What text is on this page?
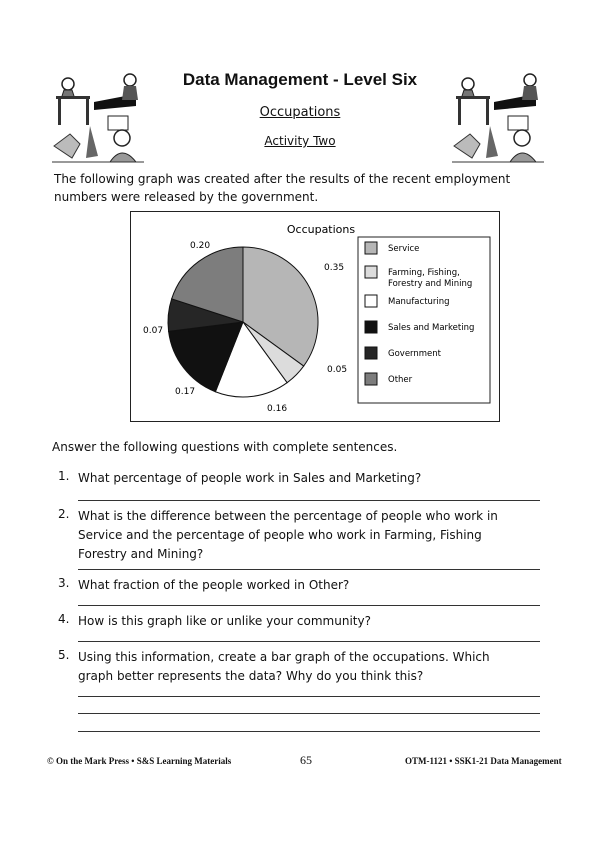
Data Management - Level Six
Occupations
Activity Two
The following graph was created after the results of the recent employment numbers were released by the government.
Occupations
0.35
0.05
0.16
0.17
0.07
0.20	Service
Farming, Fishing,
Forestry and Mining
Manufacturing
Sales and Marketing
Government
Other
Answer the following questions with complete sentences.
1. What percentage of people work in Sales and Marketing?
2. What is the difference between the percentage of people who work in
Service and the percentage of people who work in Farming, Fishing
Forestry and Mining?
3. What fraction of the people worked in Other?
4. How is this graph like or unlike your community?
5. Using this information, create a bar graph of the occupations. Which
graph better represents the data? Why do you think this?
© On the Mark Press • S&S Learning Materials	65	OTM-1121 • SSK1-21 Data Management
